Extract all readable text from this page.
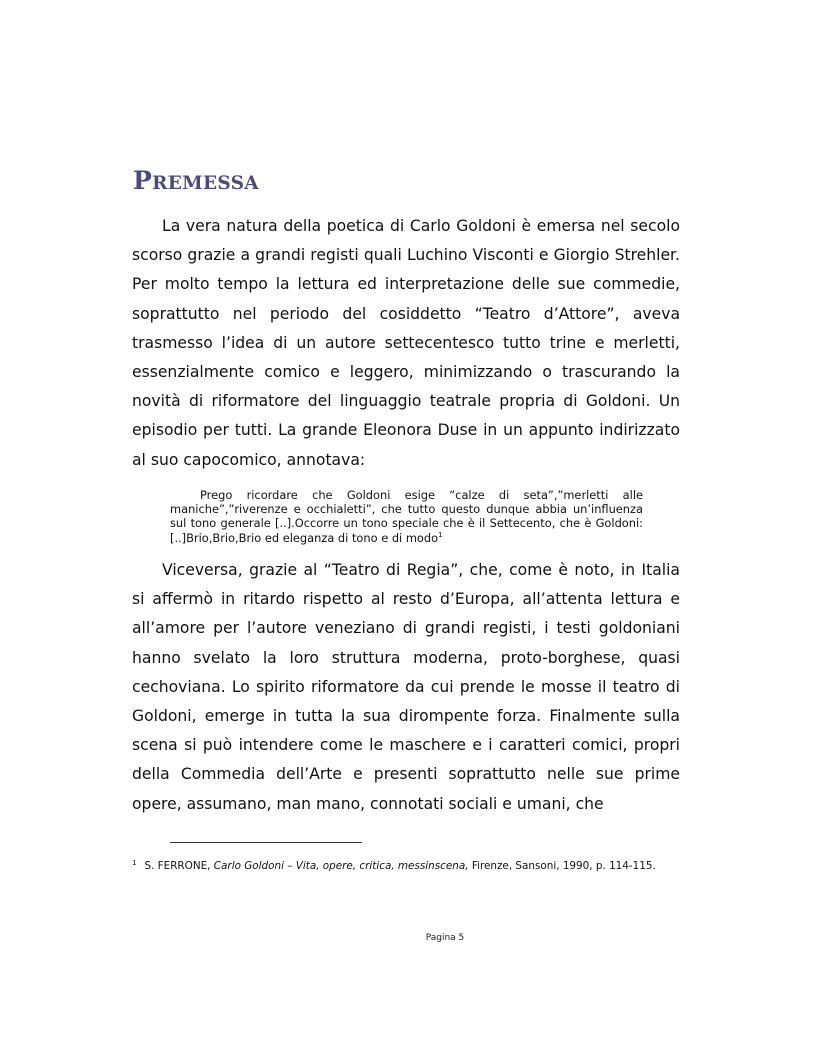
PREMESSA

La vera natura della poetica di Carlo Goldoni è emersa nel secolo scorso grazie a grandi registi quali Luchino Visconti e Giorgio Strehler. Per molto tempo la lettura ed interpretazione delle sue commedie, soprattutto nel periodo del cosiddetto “Teatro d’Attore”, aveva trasmesso l’idea di un autore settecentesco tutto trine e merletti, essenzialmente comico e leggero, minimizzando o trascurando la novità di riformatore del linguaggio teatrale propria di Goldoni. Un episodio per tutti. La grande Eleonora Duse in un appunto indirizzato al suo capocomico, annotava:

Prego ricordare che Goldoni esige “calze di seta”,”merletti alle maniche”,”riverenze e occhialetti”, che tutto questo dunque abbia un’influenza sul tono generale [..].Occorre un tono speciale che è il Settecento, che è Goldoni:[..]Brio,Brio,Brio ed eleganza di tono e di modo$^1$

Viceversa, grazie al “Teatro di Regia”, che, come è noto, in Italia si affermò in ritardo rispetto al resto d’Europa, all’attenta lettura e all’amore per l’autore veneziano di grandi registi, i testi goldoniani hanno svelato la loro struttura moderna, proto-borghese, quasi cechoviana. Lo spirito riformatore da cui prende le mosse il teatro di Goldoni, emerge in tutta la sua dirompente forza. Finalmente sulla scena si può intendere come le maschere e i caratteri comici, propri della Commedia dell’Arte e presenti soprattutto nelle sue prime opere, assumano, man mano, connotati sociali e umani, che

$^1$ S. FERRONE, Carlo Goldoni – Vita, opere, critica, messinscena, Firenze, Sansoni, 1990, p. 114-115.

Pagina 5
